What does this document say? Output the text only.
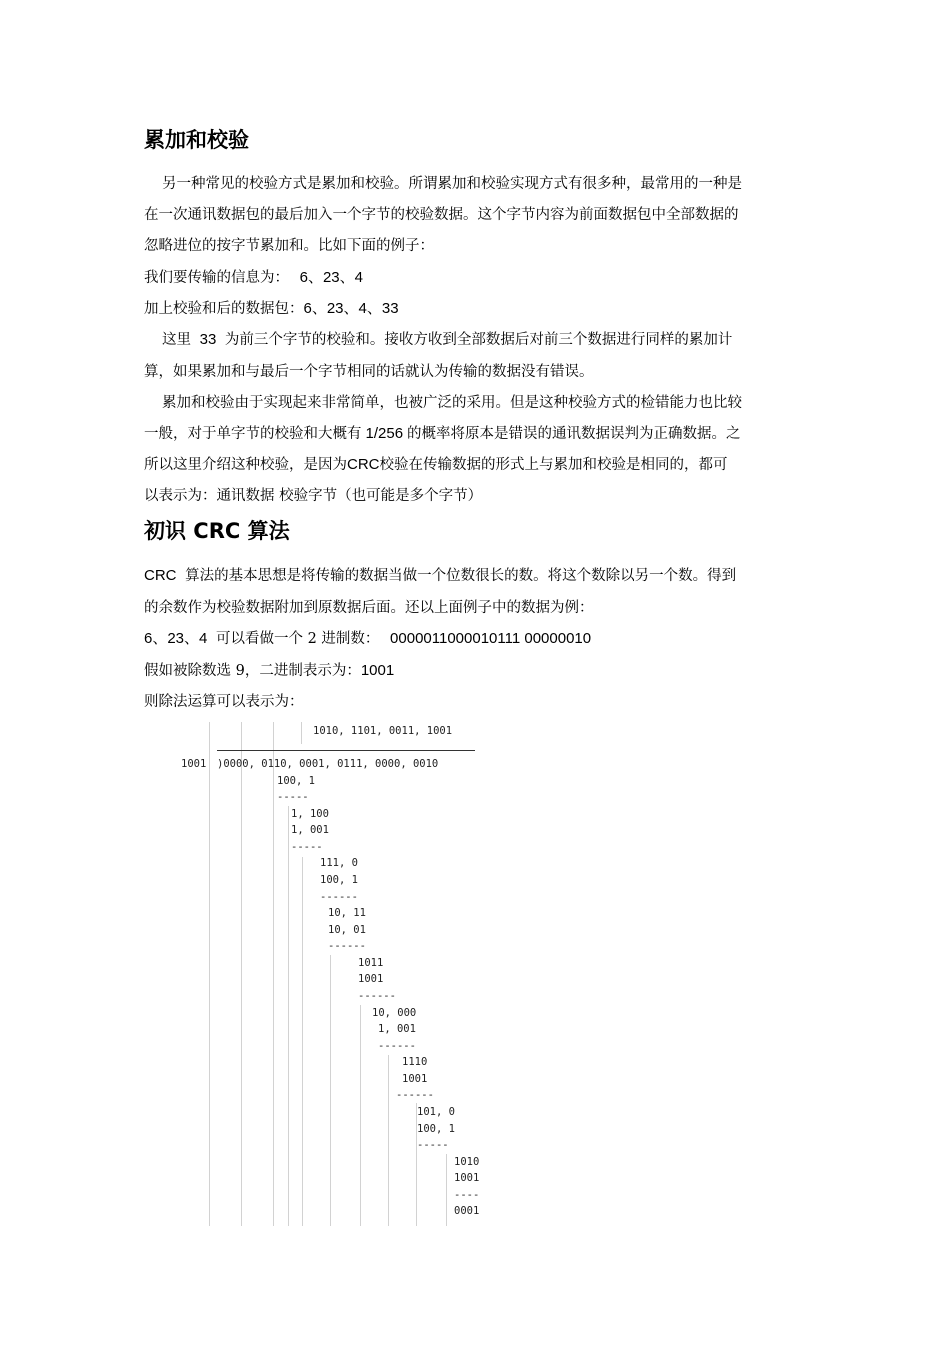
累加和校验
另一种常见的校验方式是累加和校验。所谓累加和校验实现方式有很多种，最常用的一种是
在一次通讯数据包的最后加入一个字节的校验数据。这个字节内容为前面数据包中全部数据的
忽略进位的按字节累加和。比如下面的例子：
我们要传输的信息为： 6、23、4
加上校验和后的数据包：6、23、4、33
这里 33 为前三个字节的校验和。接收方收到全部数据后对前三个数据进行同样的累加计
算，如果累加和与最后一个字节相同的话就认为传输的数据没有错误。
累加和校验由于实现起来非常简单，也被广泛的采用。但是这种校验方式的检错能力也比较
一般，对于单字节的校验和大概有 1/256 的概率将原本是错误的通讯数据误判为正确数据。之
所以这里介绍这种校验，是因为CRC校验在传输数据的形式上与累加和校验是相同的，都可
以表示为：通讯数据 校验字节（也可能是多个字节）
初识 CRC 算法
CRC 算法的基本思想是将传输的数据当做一个位数很长的数。将这个数除以另一个数。得到
的余数作为校验数据附加到原数据后面。还以上面例子中的数据为例：
6、23、4 可以看做一个 2 进制数： 0000011000010111 00000010
假如被除数选 9，二进制表示为：1001
则除法运算可以表示为：
1010, 1101, 0011, 1001
1001 )0000, 0110, 0001, 0111, 0000, 0010
100, 1
-----
1, 100
1, 001
-----
111, 0
100, 1
------
10, 11
10, 01
------
1011
1001
------
10, 000
1, 001
------
1110
1001
------
101, 0
100, 1
-----
1010
1001
----
0001
